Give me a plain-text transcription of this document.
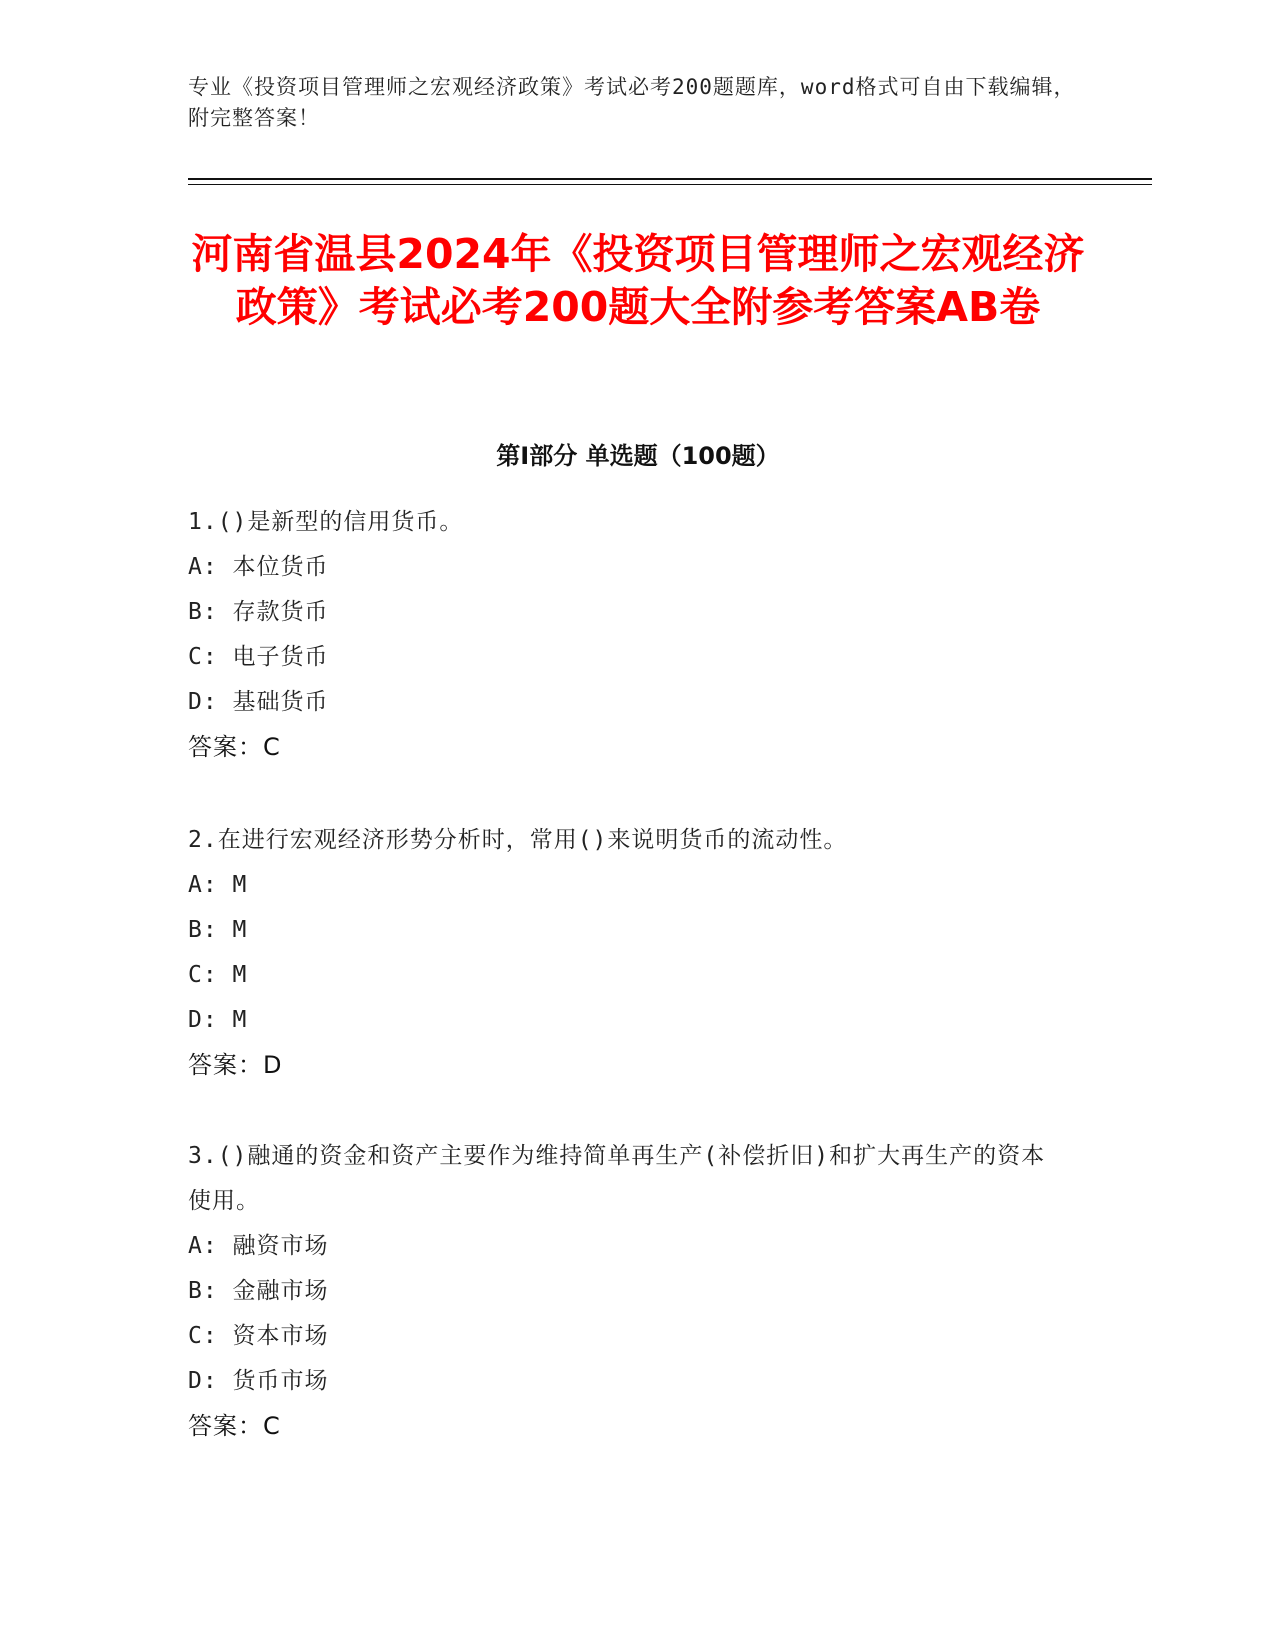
专业《投资项目管理师之宏观经济政策》考试必考200题题库，word格式可自由下载编辑，附完整答案！
河南省温县2024年《投资项目管理师之宏观经济政策》考试必考200题大全附参考答案AB卷
第Ⅰ部分 单选题（100题）
1.()是新型的信用货币。
A: 本位货币
B: 存款货币
C: 电子货币
D: 基础货币
答案：C
2.在进行宏观经济形势分析时，常用()来说明货币的流动性。
A: M
B: M
C: M
D: M
答案：D
3.()融通的资金和资产主要作为维持简单再生产(补偿折旧)和扩大再生产的资本使用。
A: 融资市场
B: 金融市场
C: 资本市场
D: 货币市场
答案：C
